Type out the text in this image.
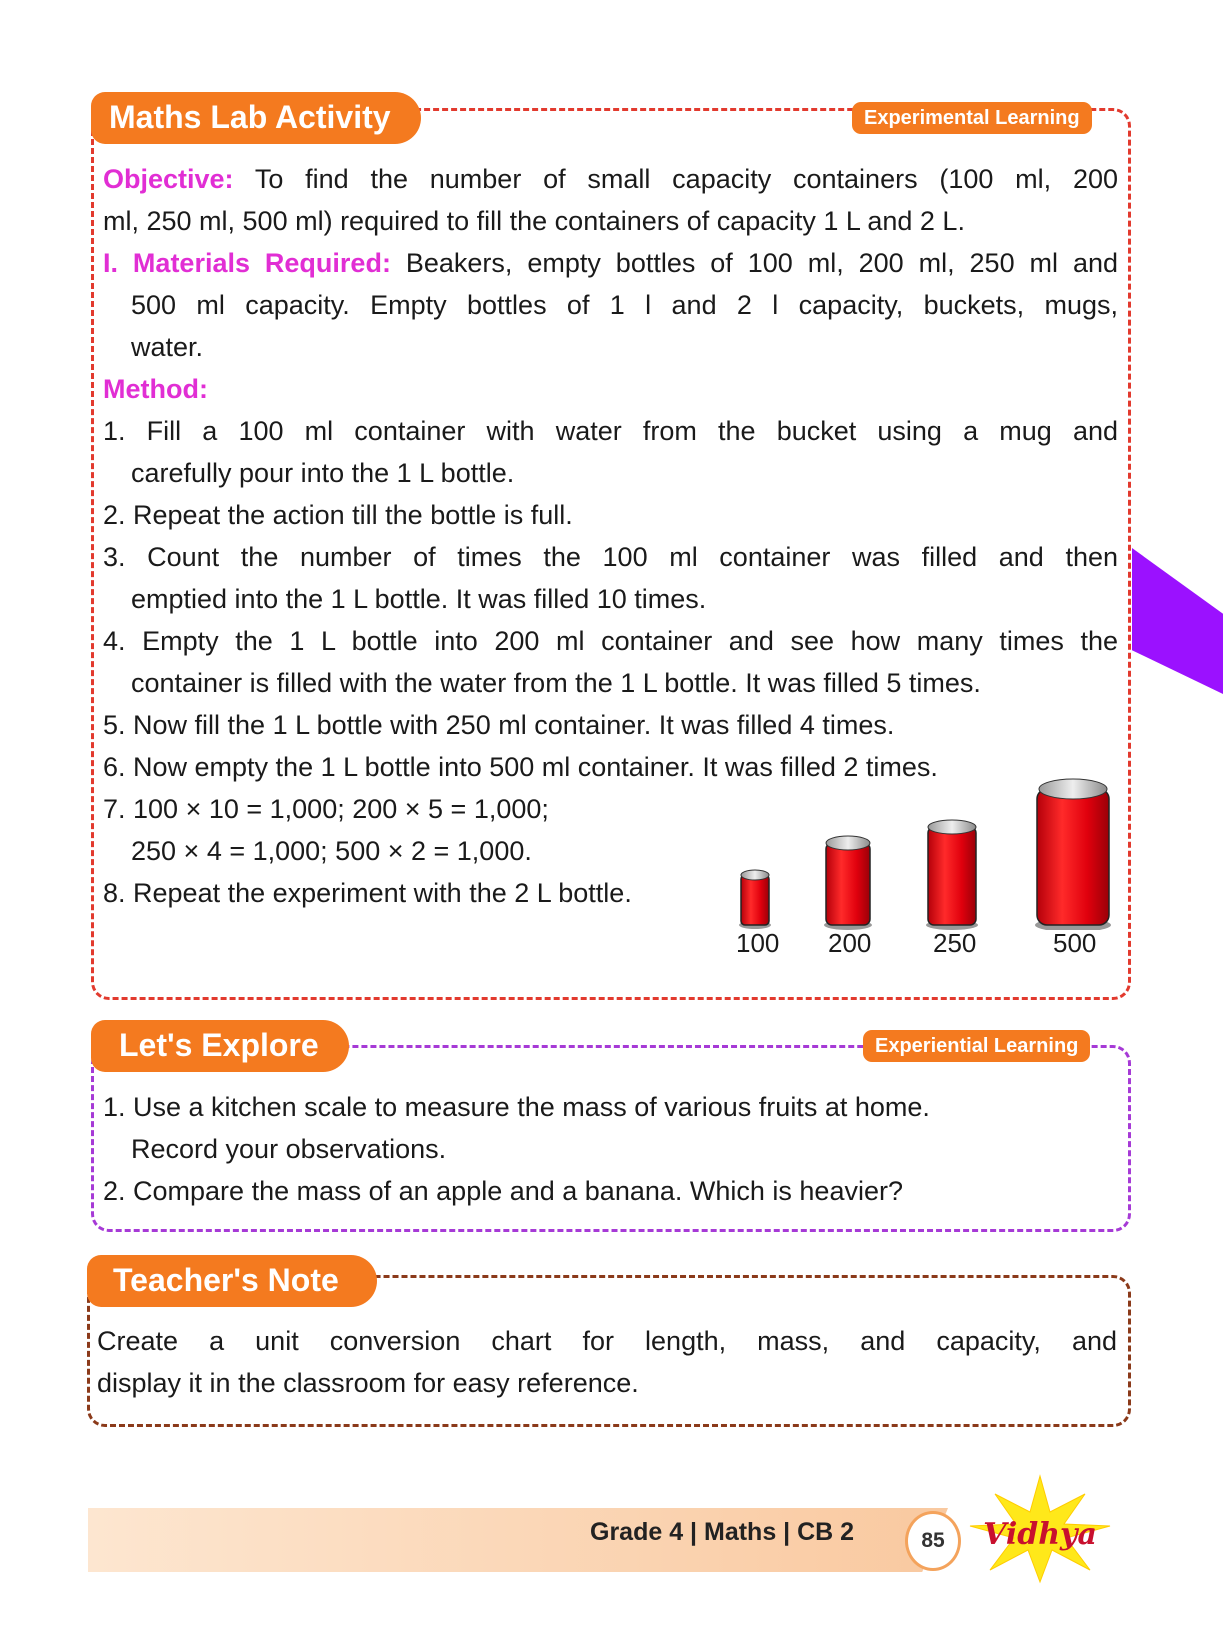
Maths Lab Activity	Experimental Learning
Objective: To find the number of small capacity containers (100 ml, 200
ml, 250 ml, 500 ml) required to fill the containers of capacity 1 L and 2 L.
I. Materials Required: Beakers, empty bottles of 100 ml, 200 ml, 250 ml and
500 ml capacity. Empty bottles of 1 l and 2 l capacity, buckets, mugs,
water.
Method:
1. Fill a 100 ml container with water from the bucket using a mug and
carefully pour into the 1 L bottle.
2. Repeat the action till the bottle is full.
3. Count the number of times the 100 ml container was filled and then
emptied into the 1 L bottle. It was filled 10 times.
4. Empty the 1 L bottle into 200 ml container and see how many times the
container is filled with the water from the 1 L bottle. It was filled 5 times.
5. Now fill the 1 L bottle with 250 ml container. It was filled 4 times.
6. Now empty the 1 L bottle into 500 ml container. It was filled 2 times.
7. 100 × 10 = 1,000; 200 × 5 = 1,000;
250 × 4 = 1,000; 500 × 2 = 1,000.
8. Repeat the experiment with the 2 L bottle.
100 200 250	500
Let's Explore	Experiential Learning
1. Use a kitchen scale to measure the mass of various fruits at home.
Record your observations.
2. Compare the mass of an apple and a banana. Which is heavier?
Teacher's Note
Create a unit conversion chart for length, mass, and capacity, and
display it in the classroom for easy reference.
Grade 4 | Maths | CB 2	85	Vidhya
